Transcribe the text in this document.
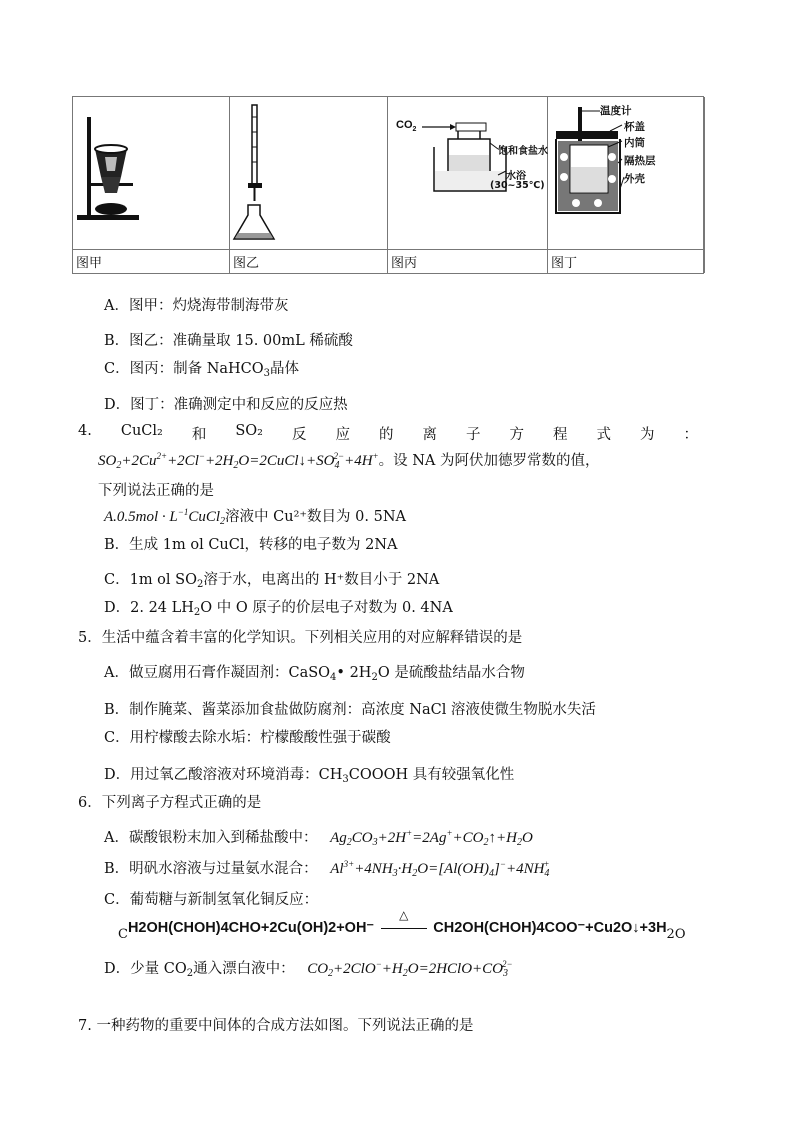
图甲	图乙
$CO_2$
饱和食盐水
水浴
(30~35℃)
图丙
温度计
杯盖
内筒
隔热层
外壳
图丁
A．图甲：灼烧海带制海带灰
B．图乙：准确量取 15. 00mL 稀硫酸
C．图丙：制备 NaHCO$_3$晶体
D．图丁：准确测定中和反应的反应热
4. CuCl₂ 和 SO₂ 反 应 的 离 子 方 程 式 为 ：
$SO_2+2Cu^{2+}+2Cl^-+2H_2O=2CuCl↓+SO_4^{2-}+4H^+$。设 NA 为阿伏加德罗常数的值，
下列说法正确的是
$A.0.5mol \cdot L^{-1}CuCl_2$溶液中 Cu²⁺数目为 0. 5NA
B．生成 1m ol CuCl，转移的电子数为 2NA
C．1m ol $SO_2$溶于水，电离出的 H⁺数目小于 2NA
D．2. 24 $LH_2O$ 中 O 原子的价层电子对数为 0. 4NA
5．生活中蕴含着丰富的化学知识。下列相关应用的对应解释错误的是
A．做豆腐用石膏作凝固剂：CaSO$_4$• $2H_2O$ 是硫酸盐结晶水合物
B．制作腌菜、酱菜添加食盐做防腐剂：高浓度 NaCl 溶液使微生物脱水失活
C．用柠檬酸去除水垢：柠檬酸酸性强于碳酸
D．用过氧乙酸溶液对环境消毒：$CH_3COOOH$ 具有较强氧化性
6．下列离子方程式正确的是
A．碳酸银粉末加入到稀盐酸中： $Ag_2CO_3+2H^+=2Ag^++CO_2↑+H_2O$
B．明矾水溶液与过量氨水混合： $Al^{3+}+4NH_3\cdot H_2O=[Al(OH)_4]^-+4NH_4^+$
C．葡萄糖与新制氢氧化铜反应：
CH2OH(CHOH)4CHO+2Cu(OH)2+OH⁻
△
CH2OH(CHOH)4COO⁻+Cu2O↓+3H2O
D．少量 $CO_2$通入漂白液中： $CO_2+2ClO^-+H_2O=2HClO+CO_3^{2-}$
7. 一种药物的重要中间体的合成方法如图。下列说法正确的是
